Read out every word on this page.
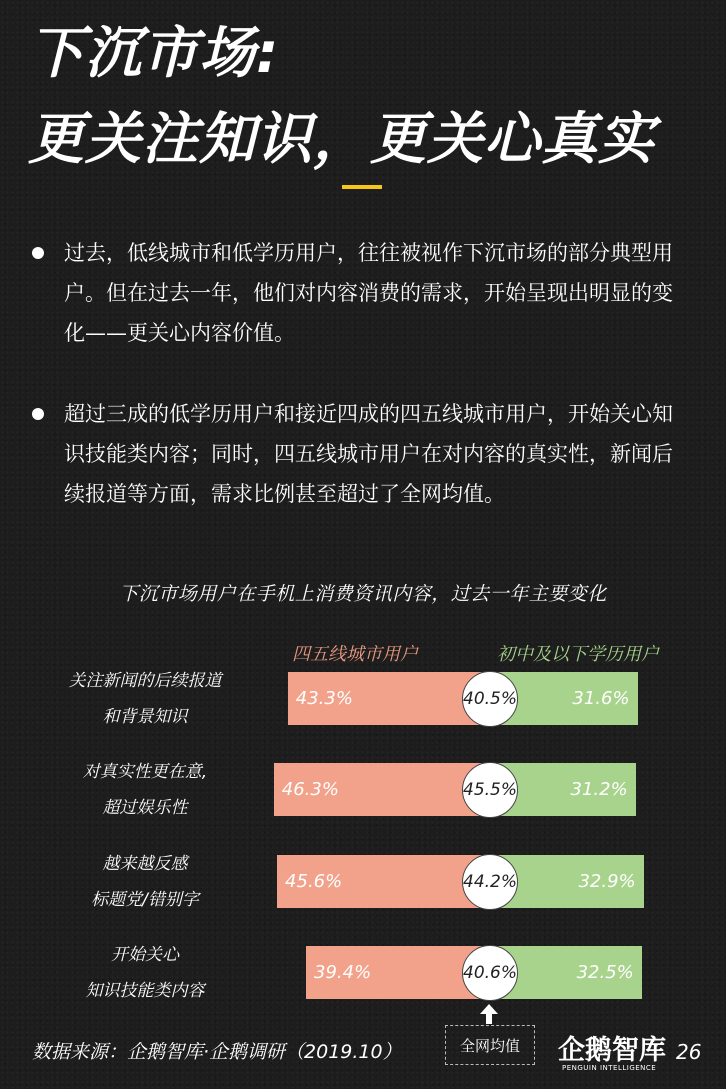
下沉市场:
更关注知识，更关心真实
过去，低线城市和低学历用户，往往被视作下沉市场的部分典型用户。但在过去一年，他们对内容消费的需求，开始呈现出明显的变化——更关心内容价值。
超过三成的低学历用户和接近四成的四五线城市用户，开始关心知识技能类内容；同时，四五线城市用户在对内容的真实性，新闻后续报道等方面，需求比例甚至超过了全网均值。
下沉市场用户在手机上消费资讯内容，过去一年主要变化
四五线城市用户	初中及以下学历用户
关注新闻的后续报道
和背景知识
43.3%	31.6%
40.5%
对真实性更在意,
超过娱乐性
46.3%	31.2%
45.5%
越来越反感
标题党/错别字
45.6%	32.9%
44.2%
开始关心
知识技能类内容
39.4%	32.5%
40.6%
全网均值
数据来源：企鹅智库·企鹅调研（2019.10）	企鹅智库
PENGUIN INTELLIGENCE
26
